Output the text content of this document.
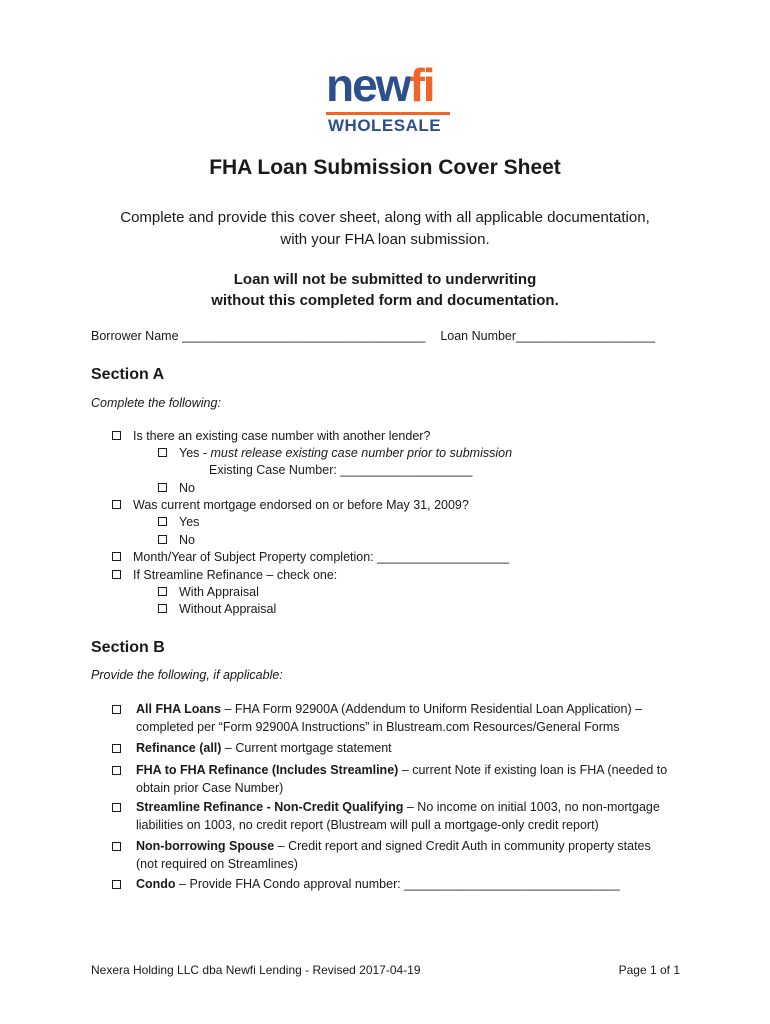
newfi
WHOLESALE
FHA Loan Submission Cover Sheet
Complete and provide this cover sheet, along with all applicable documentation,
with your FHA loan submission.
Loan will not be submitted to underwriting
without this completed form and documentation.
Borrower Name ___________________________________ Loan Number____________________
Section A
Complete the following:
Is there an existing case number with another lender?
Yes - must release existing case number prior to submission
Existing Case Number: ___________________
No
Was current mortgage endorsed on or before May 31, 2009?
Yes
No
Month/Year of Subject Property completion: ___________________
If Streamline Refinance – check one:
With Appraisal
Without Appraisal
Section B
Provide the following, if applicable:
All FHA Loans – FHA Form 92900A (Addendum to Uniform Residential Loan Application) – completed per “Form 92900A Instructions” in Blustream.com Resources/General Forms
Refinance (all) – Current mortgage statement
FHA to FHA Refinance (Includes Streamline) – current Note if existing loan is FHA (needed to obtain prior Case Number)
Streamline Refinance - Non-Credit Qualifying – No income on initial 1003, no non-mortgage liabilities on 1003, no credit report (Blustream will pull a mortgage-only credit report)
Non-borrowing Spouse – Credit report and signed Credit Auth in community property states (not required on Streamlines)
Condo – Provide FHA Condo approval number: _______________________________
Nexera Holding LLC dba Newfi Lending - Revised 2017-04-19	Page 1 of 1
